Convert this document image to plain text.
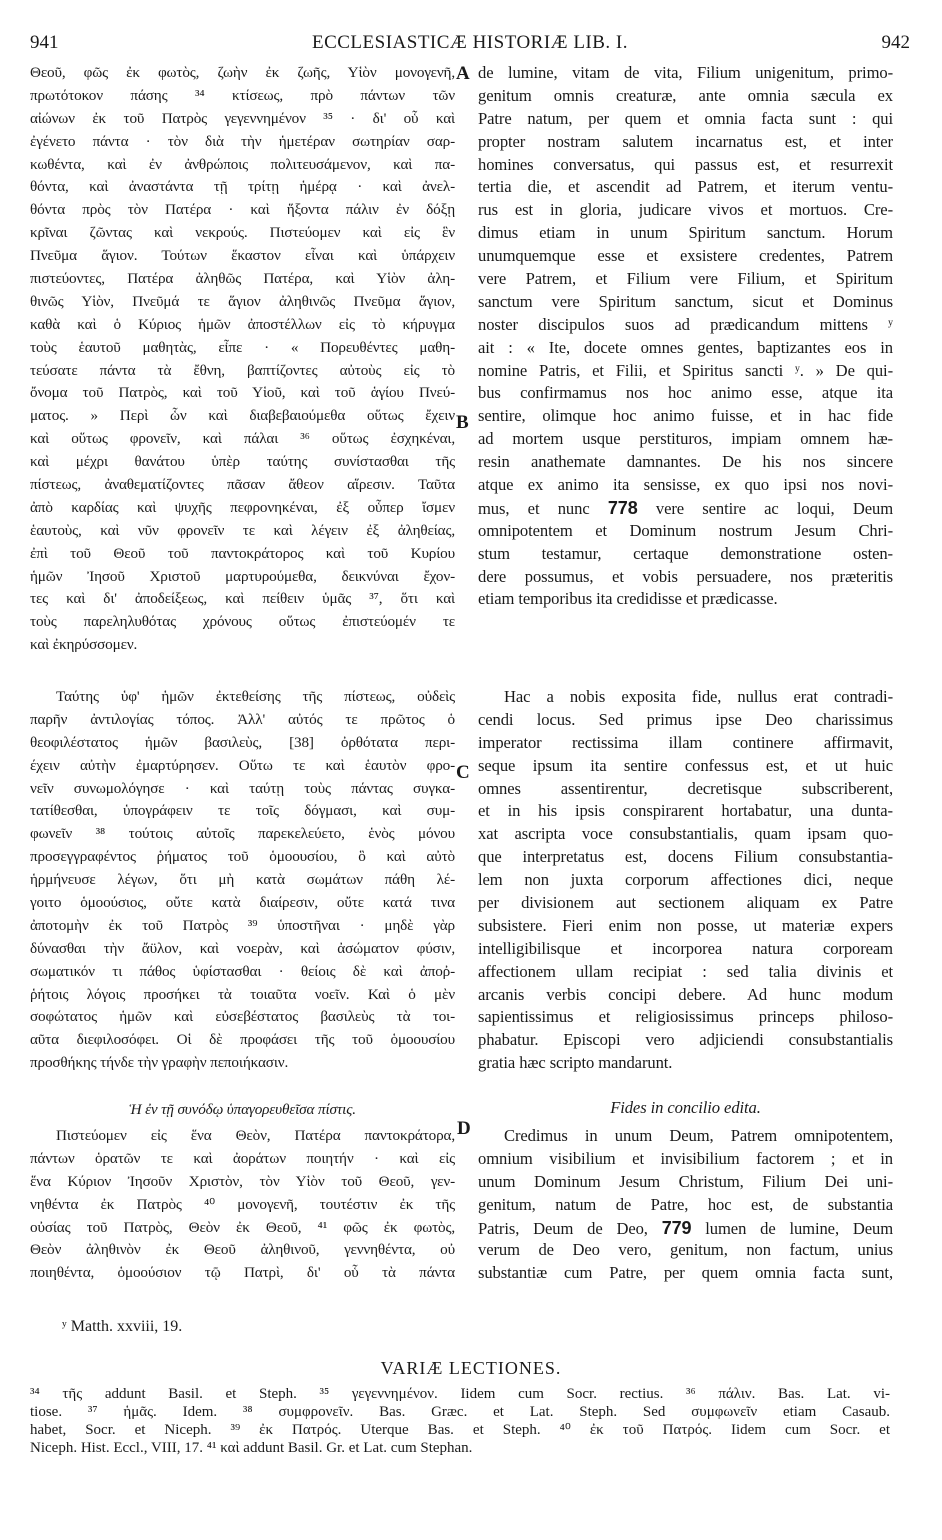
941	ECCLESIASTICÆ HISTORIÆ LIB. I.	942
Θεοῦ, φῶς ἐκ φωτὸς, ζωὴν ἐκ ζωῆς, Υἱὸν μονογενῆ,
πρωτότοκον πάσης ³⁴ κτίσεως, πρὸ πάντων τῶν
αἰώνων ἐκ τοῦ Πατρὸς γεγεννημένον ³⁵ · δι' οὗ καὶ
ἐγένετο πάντα · τὸν διὰ τὴν ἡμετέραν σωτηρίαν σαρ-
κωθέντα, καὶ ἐν ἀνθρώποις πολιτευσάμενον, καὶ πα-
θόντα, καὶ ἀναστάντα τῇ τρίτῃ ἡμέρᾳ · καὶ ἀνελ-
θόντα πρὸς τὸν Πατέρα · καὶ ἥξοντα πάλιν ἐν δόξῃ
κρῖναι ζῶντας καὶ νεκρούς. Πιστεύομεν καὶ εἰς ἓν
Πνεῦμα ἅγιον. Τούτων ἕκαστον εἶναι καὶ ὑπάρχειν
πιστεύοντες, Πατέρα ἀληθῶς Πατέρα, καὶ Υἱὸν ἀλη-
θινῶς Υἱὸν, Πνεῦμά τε ἅγιον ἀληθινῶς Πνεῦμα ἅγιον,
καθὰ καὶ ὁ Κύριος ἡμῶν ἀποστέλλων εἰς τὸ κήρυγμα
τοὺς ἑαυτοῦ μαθητὰς, εἶπε · « Πορευθέντες μαθη-
τεύσατε πάντα τὰ ἔθνη, βαπτίζοντες αὐτοὺς εἰς τὸ
ὄνομα τοῦ Πατρὸς, καὶ τοῦ Υἱοῦ, καὶ τοῦ ἁγίου Πνεύ-
ματος. » Περὶ ὧν καὶ διαβεβαιούμεθα οὕτως ἔχειν
καὶ οὕτως φρονεῖν, καὶ πάλαι ³⁶ οὕτως ἐσχηκέναι,
καὶ μέχρι θανάτου ὑπὲρ ταύτης συνίστασθαι τῆς
πίστεως, ἀναθεματίζοντες πᾶσαν ἄθεον αἵρεσιν. Ταῦτα
ἀπὸ καρδίας καὶ ψυχῆς πεφρονηκέναι, ἐξ οὗπερ ἴσμεν
ἑαυτοὺς, καὶ νῦν φρονεῖν τε καὶ λέγειν ἐξ ἀληθείας,
ἐπὶ τοῦ Θεοῦ τοῦ παντοκράτορος καὶ τοῦ Κυρίου
ἡμῶν Ἰησοῦ Χριστοῦ μαρτυρούμεθα, δεικνύναι ἔχον-
τες καὶ δι' ἀποδείξεως, καὶ πείθειν ὑμᾶς ³⁷, ὅτι καὶ
τοὺς παρεληλυθότας χρόνους οὕτως ἐπιστεύομέν τε
καὶ ἐκηρύσσομεν.
Ταύτης ὑφ' ἡμῶν ἐκτεθείσης τῆς πίστεως, οὐδεὶς
παρῆν ἀντιλογίας τόπος. Ἀλλ' αὐτός τε πρῶτος ὁ
θεοφιλέστατος ἡμῶν βασιλεὺς, [38] ὀρθότατα περι-
έχειν αὐτὴν ἐμαρτύρησεν. Οὕτω τε καὶ ἑαυτὸν φρο-
νεῖν συνωμολόγησε · καὶ ταύτῃ τοὺς πάντας συγκα-
τατίθεσθαι, ὑπογράφειν τε τοῖς δόγμασι, καὶ συμ-
φωνεῖν ³⁸ τούτοις αὐτοῖς παρεκελεύετο, ἑνὸς μόνου
προσεγγραφέντος ῥήματος τοῦ ὁμοουσίου, ὃ καὶ αὐτὸ
ἡρμήνευσε λέγων, ὅτι μὴ κατὰ σωμάτων πάθη λέ-
γοιτο ὁμοούσιος, οὔτε κατὰ διαίρεσιν, οὔτε κατά τινα
ἀποτομὴν ἐκ τοῦ Πατρὸς ³⁹ ὑποστῆναι · μηδὲ γὰρ
δύνασθαι τὴν ἄϋλον, καὶ νοερὰν, καὶ ἀσώματον φύσιν,
σωματικόν τι πάθος ὑφίστασθαι · θείοις δὲ καὶ ἀποῤ-
ῥήτοις λόγοις προσήκει τὰ τοιαῦτα νοεῖν. Καὶ ὁ μὲν
σοφώτατος ἡμῶν καὶ εὐσεβέστατος βασιλεὺς τὰ τοι-
αῦτα διεφιλοσόφει. Οἱ δὲ προφάσει τῆς τοῦ ὁμοουσίου
προσθήκης τήνδε τὴν γραφὴν πεποιήκασιν.
Ἡ ἐν τῇ συνόδῳ ὑπαγορευθεῖσα πίστις.
Πιστεύομεν εἰς ἕνα Θεὸν, Πατέρα παντοκράτορα,
πάντων ὁρατῶν τε καὶ ἀοράτων ποιητήν · καὶ εἰς
ἕνα Κύριον Ἰησοῦν Χριστὸν, τὸν Υἱὸν τοῦ Θεοῦ, γεν-
νηθέντα ἐκ Πατρὸς ⁴⁰ μονογενῆ, τουτέστιν ἐκ τῆς
οὐσίας τοῦ Πατρὸς, Θεὸν ἐκ Θεοῦ, ⁴¹ φῶς ἐκ φωτὸς,
Θεὸν ἀληθινὸν ἐκ Θεοῦ ἀληθινοῦ, γεννηθέντα, οὐ
ποιηθέντα, ὁμοούσιον τῷ Πατρὶ, δι' οὗ τὰ πάντα
de lumine, vitam de vita, Filium unigenitum, primo-
genitum omnis creaturæ, ante omnia sæcula ex
Patre natum, per quem et omnia facta sunt : qui
propter nostram salutem incarnatus est, et inter
homines conversatus, qui passus est, et resurrexit
tertia die, et ascendit ad Patrem, et iterum ventu-
rus est in gloria, judicare vivos et mortuos. Cre-
dimus etiam in unum Spiritum sanctum. Horum
unumquemque esse et exsistere credentes, Patrem
vere Patrem, et Filium vere Filium, et Spiritum
sanctum vere Spiritum sanctum, sicut et Dominus
noster discipulos suos ad prædicandum mittens ʸ
ait : « Ite, docete omnes gentes, baptizantes eos in
nomine Patris, et Filii, et Spiritus sancti ʸ. » De qui-
bus confirmamus nos hoc animo esse, atque ita
sentire, olimque hoc animo fuisse, et in hac fide
ad mortem usque perstituros, impiam omnem hæ-
resin anathemate damnantes. De his nos sincere
atque ex animo ita sensisse, ex quo ipsi nos novi-
mus, et nunc 778 vere sentire ac loqui, Deum
omnipotentem et Dominum nostrum Jesum Chri-
stum testamur, certaque demonstratione osten-
dere possumus, et vobis persuadere, nos præteritis
etiam temporibus ita credidisse et prædicasse.
Hac a nobis exposita fide, nullus erat contradi-
cendi locus. Sed primus ipse Deo charissimus
imperator rectissima illam continere affirmavit,
seque ipsum ita sentire confessus est, et ut huic
omnes assentirentur, decretisque subscriberent,
et in his ipsis conspirarent hortabatur, una dunta-
xat ascripta voce consubstantialis, quam ipsam quo-
que interpretatus est, docens Filium consubstantia-
lem non juxta corporum affectiones dici, neque
per divisionem aut sectionem aliquam ex Patre
subsistere. Fieri enim non posse, ut materiæ expers
intelligibilisque et incorporea natura corpoream
affectionem ullam recipiat : sed talia divinis et
arcanis verbis concipi debere. Ad hunc modum
sapientissimus et religiosissimus princeps philoso-
phabatur. Episcopi vero adjiciendi consubstantialis
gratia hæc scripto mandarunt.
Fides in concilio edita.
Credimus in unum Deum, Patrem omnipotentem,
omnium visibilium et invisibilium factorem ; et in
unum Dominum Jesum Christum, Filium Dei uni-
genitum, natum de Patre, hoc est, de substantia
Patris, Deum de Deo, 779 lumen de lumine, Deum
verum de Deo vero, genitum, non factum, unius
substantiæ cum Patre, per quem omnia facta sunt,
A
B
C
D
ʸ Matth. xxviii, 19.
VARIÆ LECTIONES.
³⁴ τῆς addunt Basil. et Steph. ³⁵ γεγεννημένον. Iidem cum Socr. rectius. ³⁶ πάλιν. Bas. Lat. vi-
tiose. ³⁷ ἡμᾶς. Idem. ³⁸ συμφρονεῖν. Bas. Græc. et Lat. Steph. Sed συμφωνεῖν etiam Casaub.
habet, Socr. et Niceph. ³⁹ ἐκ Πατρός. Uterque Bas. et Steph. ⁴⁰ ἐκ τοῦ Πατρός. Iidem cum Socr. et
Niceph. Hist. Eccl., VIII, 17. ⁴¹ καὶ addunt Basil. Gr. et Lat. cum Stephan.
